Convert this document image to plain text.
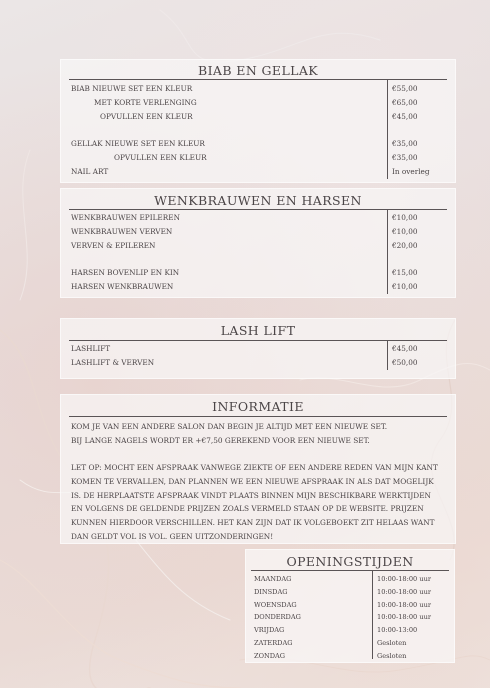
BIAB EN GELLAK
BIAB NIEUWE SET EEN KLEUR	€55,00
MET KORTE VERLENGING	€65,00
OPVULLEN EEN KLEUR	€45,00
GELLAK NIEUWE SET EEN KLEUR	€35,00
OPVULLEN EEN KLEUR	€35,00
NAIL ART	In overleg
WENKBRAUWEN EN HARSEN
WENKBRAUWEN EPILEREN	€10,00
WENKBRAUWEN VERVEN	€10,00
VERVEN & EPILEREN	€20,00
HARSEN BOVENLIP EN KIN	€15,00
HARSEN WENKBRAUWEN	€10,00
LASH LIFT
LASHLIFT	€45,00
LASHLIFT & VERVEN	€50,00
INFORMATIE

KOM JE VAN EEN ANDERE SALON DAN BEGIN JE ALTIJD MET EEN NIEUWE SET.

BIJ LANGE NAGELS WORDT ER +€7,50 GEREKEND VOOR EEN NIEUWE SET.

LET OP: MOCHT EEN AFSPRAAK VANWEGE ZIEKTE OF EEN ANDERE REDEN VAN MIJN KANT KOMEN TE VERVALLEN, DAN PLANNEN WE EEN NIEUWE AFSPRAAK IN ALS DAT MOGELIJK IS. DE HERPLAATSTE AFSPRAAK VINDT PLAATS BINNEN MIJN BESCHIKBARE WERKTIJDEN EN VOLGENS DE GELDENDE PRIJZEN ZOALS VERMELD STAAN OP DE WEBSITE. PRIJZEN KUNNEN HIERDOOR VERSCHILLEN. HET KAN ZIJN DAT IK VOLGEBOEKT ZIT HELAAS WANT DAN GELDT VOL IS VOL. GEEN UITZONDERINGEN!

OPENINGSTIJDEN
MAANDAG	10:00-18:00 uur
DINSDAG	10:00-18:00 uur
WOENSDAG	10:00-18:00 uur
DONDERDAG	10:00-18:00 uur
VRIJDAG	10:00-13:00
ZATERDAG	Gesloten
ZONDAG	Gesloten
